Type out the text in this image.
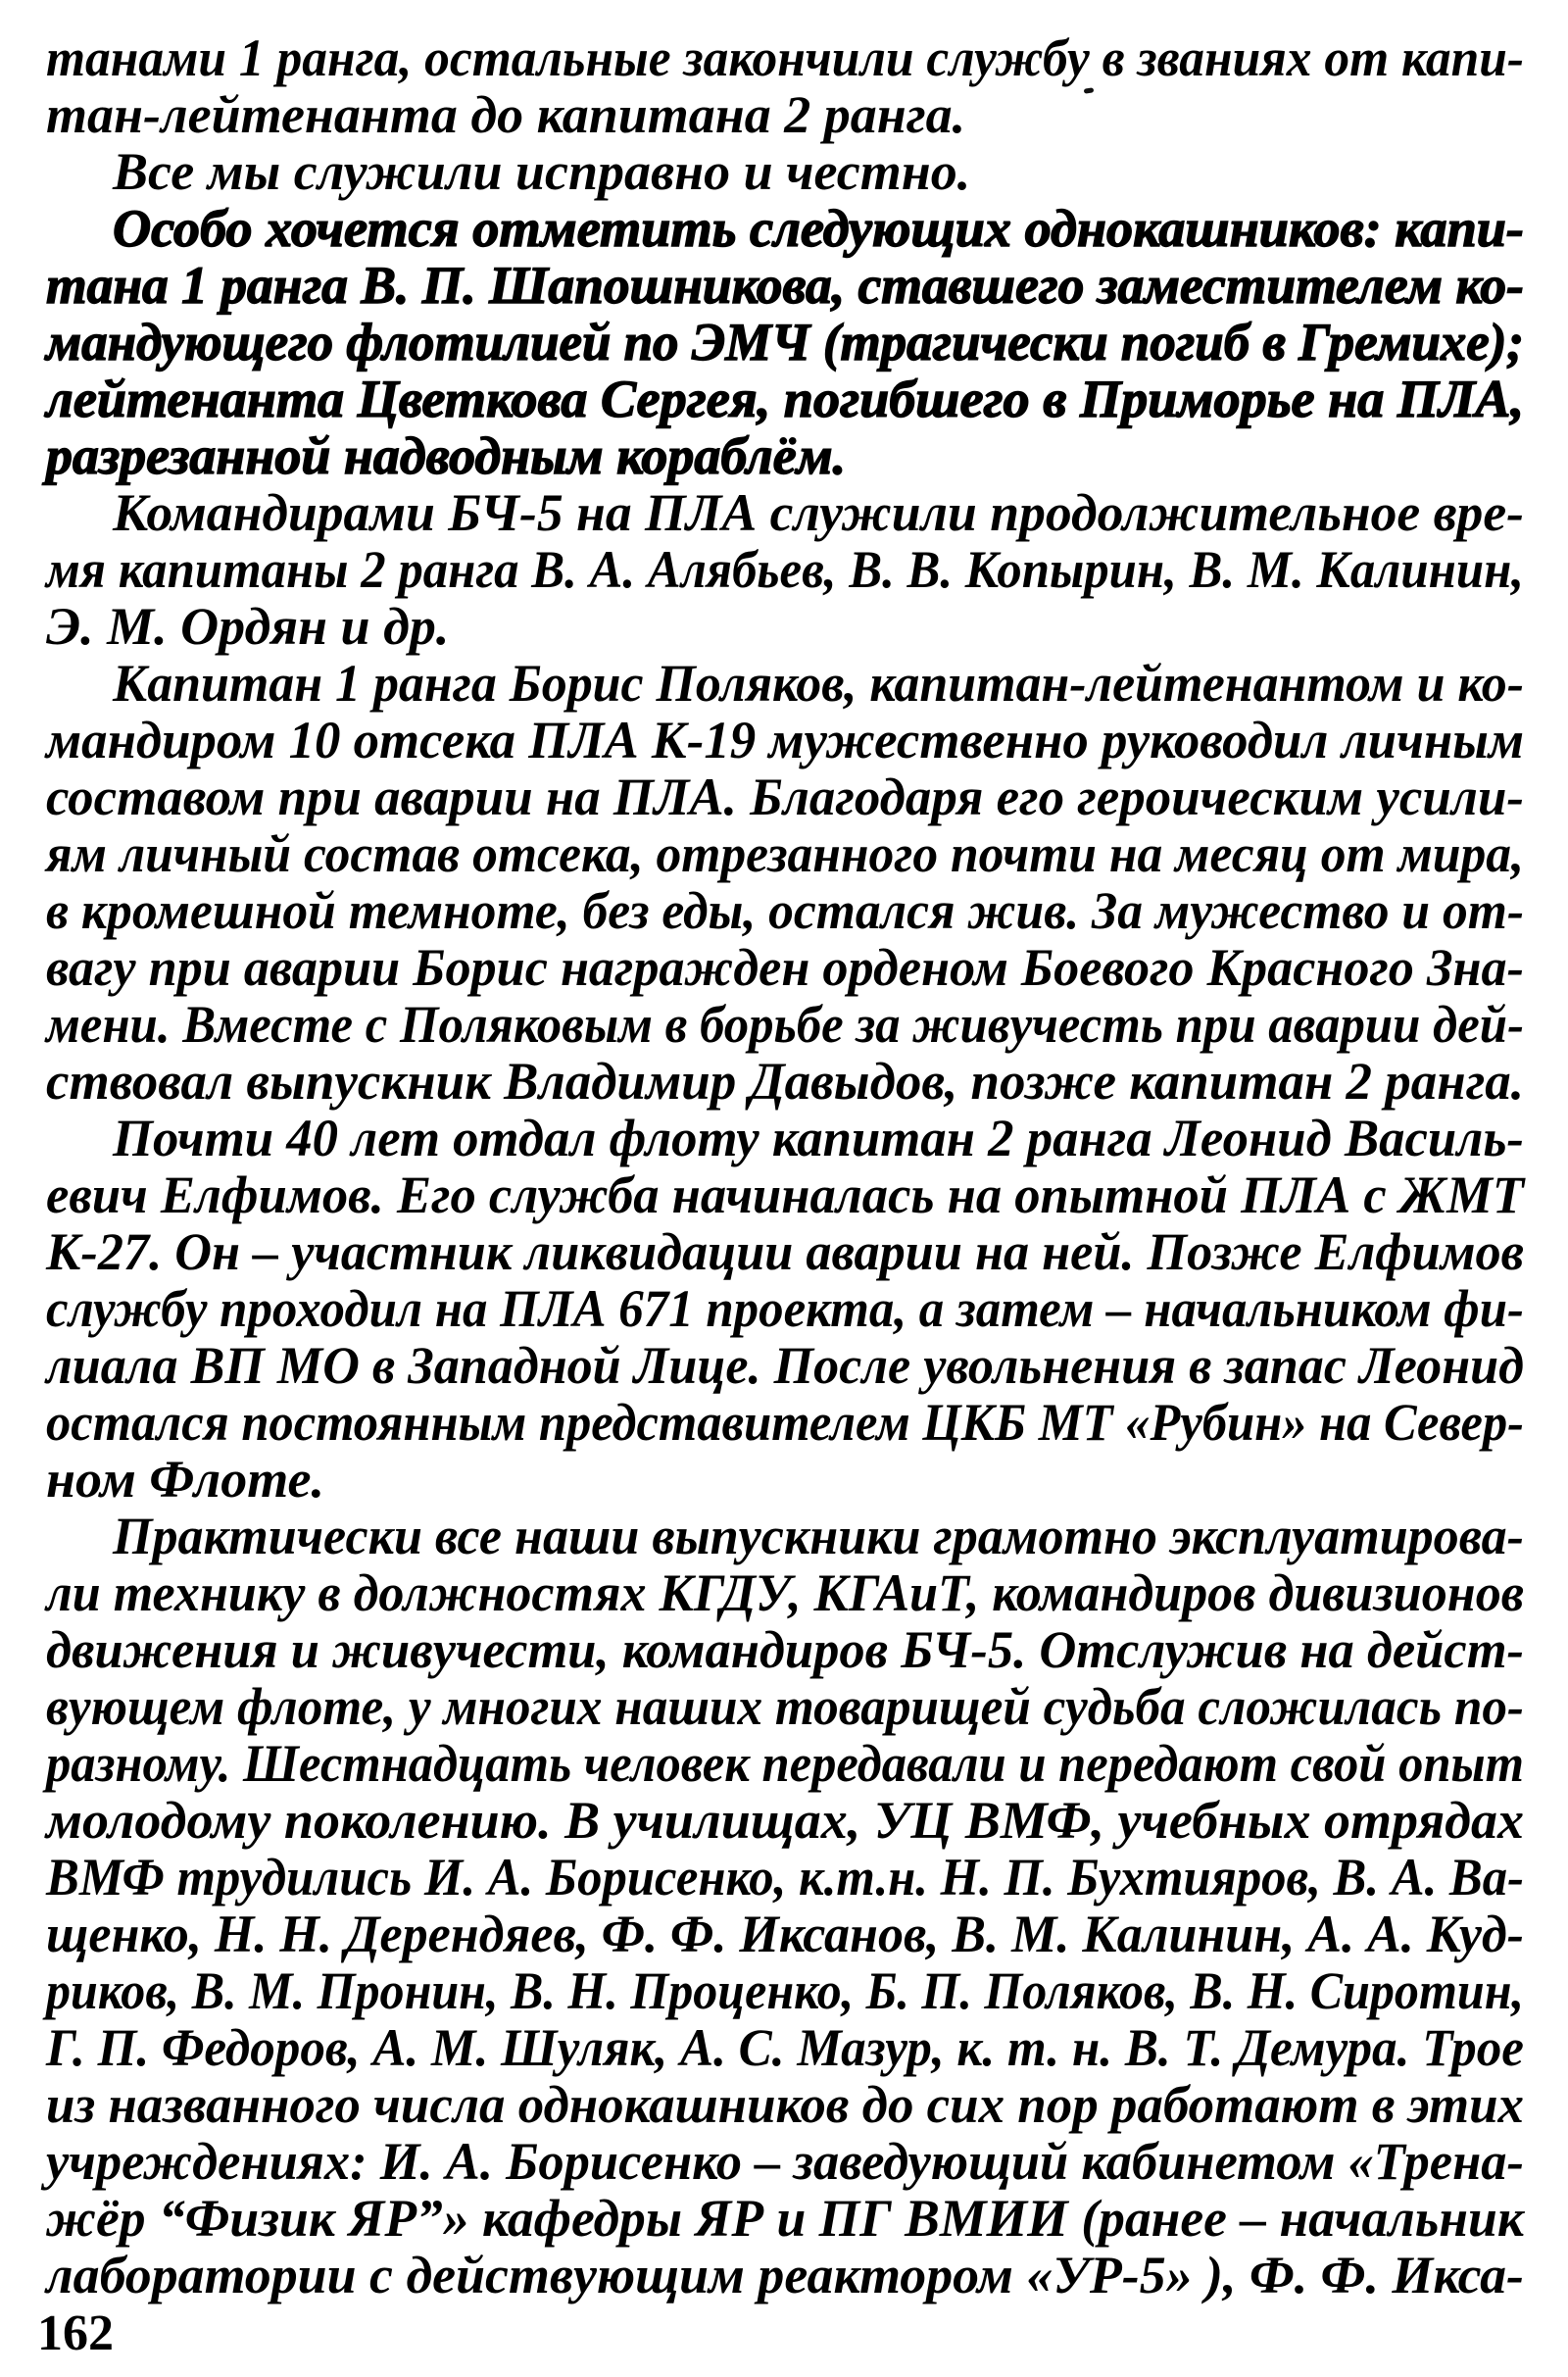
танами 1 ранга, остальные закончили службу в званиях от капи-
тан-лейтенанта до капитана 2 ранга.
Все мы служили исправно и честно.
Особо хочется отметить следующих однокашников: капи-
тана 1 ранга В. П. Шапошникова, ставшего заместителем ко-
мандующего флотилией по ЭМЧ (трагически погиб в Гремихе);
лейтенанта Цветкова Сергея, погибшего в Приморье на ПЛА,
разрезанной надводным кораблём.
Командирами БЧ-5 на ПЛА служили продолжительное вре-
мя капитаны 2 ранга В. А. Алябьев, В. В. Копырин, В. М. Калинин,
Э. М. Ордян и др.
Капитан 1 ранга Борис Поляков, капитан-лейтенантом и ко-
мандиром 10 отсека ПЛА К-19 мужественно руководил личным
составом при аварии на ПЛА. Благодаря его героическим усили-
ям личный состав отсека, отрезанного почти на месяц от мира,
в кромешной темноте, без еды, остался жив. За мужество и от-
вагу при аварии Борис награжден орденом Боевого Красного Зна-
мени. Вместе с Поляковым в борьбе за живучесть при аварии дей-
ствовал выпускник Владимир Давыдов, позже капитан 2 ранга.
Почти 40 лет отдал флоту капитан 2 ранга Леонид Василь-
евич Елфимов. Его служба начиналась на опытной ПЛА с ЖМТ
К-27. Он – участник ликвидации аварии на ней. Позже Елфимов
службу проходил на ПЛА 671 проекта, а затем – начальником фи-
лиала ВП МО в Западной Лице. После увольнения в запас Леонид
остался постоянным представителем ЦКБ МТ «Рубин» на Север-
ном Флоте.
Практически все наши выпускники грамотно эксплуатирова-
ли технику в должностях КГДУ, КГАиТ, командиров дивизионов
движения и живучести, командиров БЧ-5. Отслужив на дейст-
вующем флоте, у многих наших товарищей судьба сложилась по-
разному. Шестнадцать человек передавали и передают свой опыт
молодому поколению. В училищах, УЦ ВМФ, учебных отрядах
ВМФ трудились И. А. Борисенко, к.т.н. Н. П. Бухтияров, В. А. Ва-
щенко, Н. Н. Дерендяев, Ф. Ф. Иксанов, В. М. Калинин, А. А. Куд-
риков, В. М. Пронин, В. Н. Проценко, Б. П. Поляков, В. Н. Сиротин,
Г. П. Федоров, А. М. Шуляк, А. С. Мазур, к. т. н. В. Т. Демура. Трое
из названного числа однокашников до сих пор работают в этих
учреждениях: И. А. Борисенко – заведующий кабинетом «Трена-
жёр “Физик ЯР”» кафедры ЯР и ПГ ВМИИ (ранее – начальник
лаборатории с действующим реактором «УР-5» ), Ф. Ф. Икса-
162
